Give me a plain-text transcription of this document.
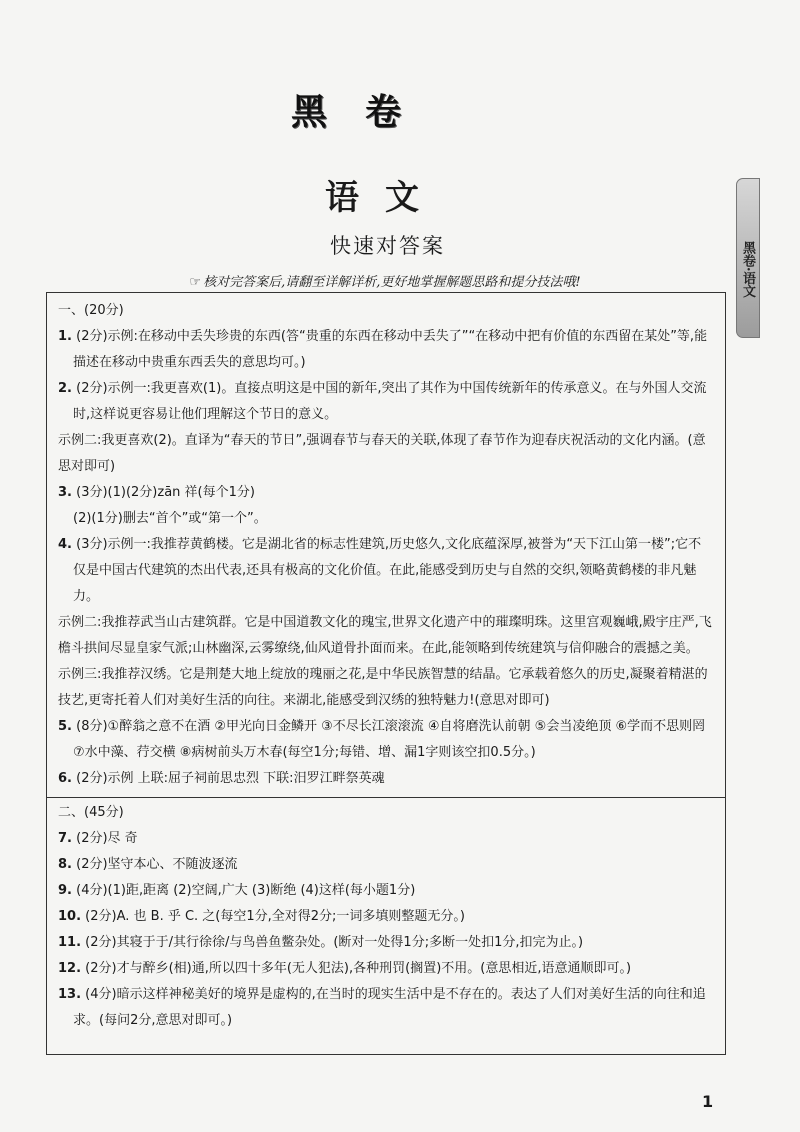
黑卷
语文
快速对答案
☞ 核对完答案后,请翻至详解详析,更好地掌握解题思路和提分技法哦!	黑卷·语文
一、(20分)
1. (2分)示例:在移动中丢失珍贵的东西(答“贵重的东西在移动中丢失了”“在移动中把有价值的东西留在某处”等,能描述在移动中贵重东西丢失的意思均可。)
2. (2分)示例一:我更喜欢(1)。直接点明这是中国的新年,突出了其作为中国传统新年的传承意义。在与外国人交流时,这样说更容易让他们理解这个节日的意义。
示例二:我更喜欢(2)。直译为“春天的节日”,强调春节与春天的关联,体现了春节作为迎春庆祝活动的文化内涵。(意思对即可)
3. (3分)(1)(2分)zān 祥(每个1分)
(2)(1分)删去“首个”或“第一个”。
4. (3分)示例一:我推荐黄鹤楼。它是湖北省的标志性建筑,历史悠久,文化底蕴深厚,被誉为“天下江山第一楼”;它不仅是中国古代建筑的杰出代表,还具有极高的文化价值。在此,能感受到历史与自然的交织,领略黄鹤楼的非凡魅力。
示例二:我推荐武当山古建筑群。它是中国道教文化的瑰宝,世界文化遗产中的璀璨明珠。这里宫观巍峨,殿宇庄严,飞檐斗拱间尽显皇家气派;山林幽深,云雾缭绕,仙风道骨扑面而来。在此,能领略到传统建筑与信仰融合的震撼之美。
示例三:我推荐汉绣。它是荆楚大地上绽放的瑰丽之花,是中华民族智慧的结晶。它承载着悠久的历史,凝聚着精湛的技艺,更寄托着人们对美好生活的向往。来湖北,能感受到汉绣的独特魅力!(意思对即可)
5. (8分)①醉翁之意不在酒 ②甲光向日金鳞开 ③不尽长江滚滚流 ④自将磨洗认前朝 ⑤会当凌绝顶 ⑥学而不思则罔 ⑦水中藻、荇交横 ⑧病树前头万木春(每空1分;每错、增、漏1字则该空扣0.5分。)
6. (2分)示例 上联:屈子祠前思忠烈 下联:汨罗江畔祭英魂
二、(45分)
7. (2分)尽 奇
8. (2分)坚守本心、不随波逐流
9. (4分)(1)距,距离 (2)空阔,广大 (3)断绝 (4)这样(每小题1分)
10. (2分)A. 也 B. 乎 C. 之(每空1分,全对得2分;一词多填则整题无分。)
11. (2分)其寝于于/其行徐徐/与鸟兽鱼鳖杂处。(断对一处得1分;多断一处扣1分,扣完为止。)
12. (2分)才与醉乡(相)通,所以四十多年(无人犯法),各种刑罚(搁置)不用。(意思相近,语意通顺即可。)
13. (4分)暗示这样神秘美好的境界是虚构的,在当时的现实生活中是不存在的。表达了人们对美好生活的向往和追求。(每问2分,意思对即可。)
1
